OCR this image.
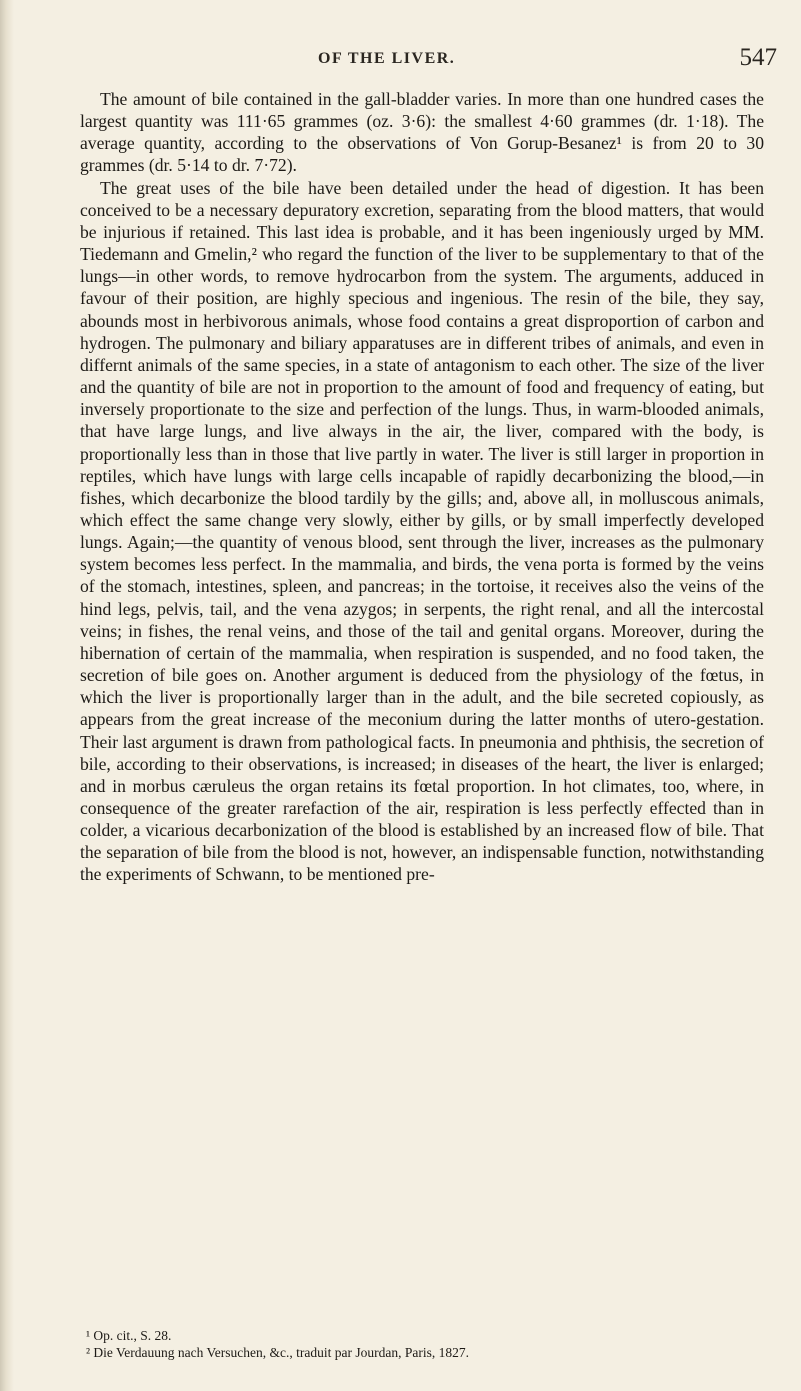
OF THE LIVER.	547

The amount of bile contained in the gall-bladder varies. In more than one hundred cases the largest quantity was 111·65 grammes (oz. 3·6): the smallest 4·60 grammes (dr. 1·18). The average quantity, according to the observations of Von Gorup-Besanez¹ is from 20 to 30 grammes (dr. 5·14 to dr. 7·72).

The great uses of the bile have been detailed under the head of digestion. It has been conceived to be a necessary depuratory excretion, separating from the blood matters, that would be injurious if retained. This last idea is probable, and it has been ingeniously urged by MM. Tiedemann and Gmelin,² who regard the function of the liver to be supplementary to that of the lungs—in other words, to remove hydrocarbon from the system. The arguments, adduced in favour of their position, are highly specious and ingenious. The resin of the bile, they say, abounds most in herbivorous animals, whose food contains a great disproportion of carbon and hydrogen. The pulmonary and biliary apparatuses are in different tribes of animals, and even in differnt animals of the same species, in a state of antagonism to each other. The size of the liver and the quantity of bile are not in proportion to the amount of food and frequency of eating, but inversely proportionate to the size and perfection of the lungs. Thus, in warm-blooded animals, that have large lungs, and live always in the air, the liver, compared with the body, is proportionally less than in those that live partly in water. The liver is still larger in proportion in reptiles, which have lungs with large cells incapable of rapidly decarbonizing the blood,—in fishes, which decarbonize the blood tardily by the gills; and, above all, in molluscous animals, which effect the same change very slowly, either by gills, or by small imperfectly developed lungs. Again;—the quantity of venous blood, sent through the liver, increases as the pulmonary system becomes less perfect. In the mammalia, and birds, the vena porta is formed by the veins of the stomach, intestines, spleen, and pancreas; in the tortoise, it receives also the veins of the hind legs, pelvis, tail, and the vena azygos; in serpents, the right renal, and all the intercostal veins; in fishes, the renal veins, and those of the tail and genital organs. Moreover, during the hibernation of certain of the mammalia, when respiration is suspended, and no food taken, the secretion of bile goes on. Another argument is deduced from the physiology of the fœtus, in which the liver is proportionally larger than in the adult, and the bile secreted copiously, as appears from the great increase of the meconium during the latter months of utero-gestation. Their last argument is drawn from pathological facts. In pneumonia and phthisis, the secretion of bile, according to their observations, is increased; in diseases of the heart, the liver is enlarged; and in morbus cæruleus the organ retains its fœtal proportion. In hot climates, too, where, in consequence of the greater rarefaction of the air, respiration is less perfectly effected than in colder, a vicarious decarbonization of the blood is established by an increased flow of bile. That the separation of bile from the blood is not, however, an indispensable function, notwithstanding the experiments of Schwann, to be mentioned pre-

¹ Op. cit., S. 28.

² Die Verdauung nach Versuchen, &c., traduit par Jourdan, Paris, 1827.
